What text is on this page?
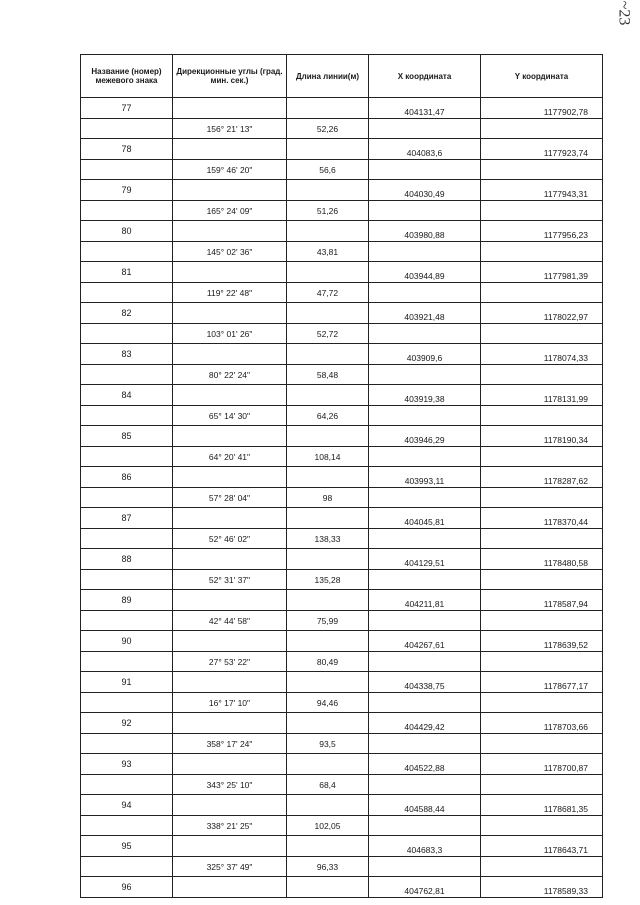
~23
Название (номер) межевого знака	Дирекционные углы (град. мин. сек.)	Длина линии(м)	X координата	Y координата
77			404131,47	1177902,78
	156° 21' 13"	52,26		
78			404083,6	1177923,74
	159° 46' 20"	56,6		
79			404030,49	1177943,31
	165° 24' 09"	51,26		
80			403980,88	1177956,23
	145° 02' 36"	43,81		
81			403944,89	1177981,39
	119° 22' 48"	47,72		
82			403921,48	1178022,97
	103° 01' 26"	52,72		
83			403909,6	1178074,33
	80° 22' 24"	58,48		
84			403919,38	1178131,99
	65° 14' 30"	64,26		
85			403946,29	1178190,34
	64° 20' 41"	108,14		
86			403993,11	1178287,62
	57° 28' 04"	98		
87			404045,81	1178370,44
	52° 46' 02"	138,33		
88			404129,51	1178480,58
	52° 31' 37"	135,28		
89			404211,81	1178587,94
	42° 44' 58"	75,99		
90			404267,61	1178639,52
	27° 53' 22"	80,49		
91			404338,75	1178677,17
	16° 17' 10"	94,46		
92			404429,42	1178703,66
	358° 17' 24"	93,5		
93			404522,88	1178700,87
	343° 25' 10"	68,4		
94			404588,44	1178681,35
	338° 21' 25"	102,05		
95			404683,3	1178643,71
	325° 37' 49"	96,33		
96			404762,81	1178589,33
